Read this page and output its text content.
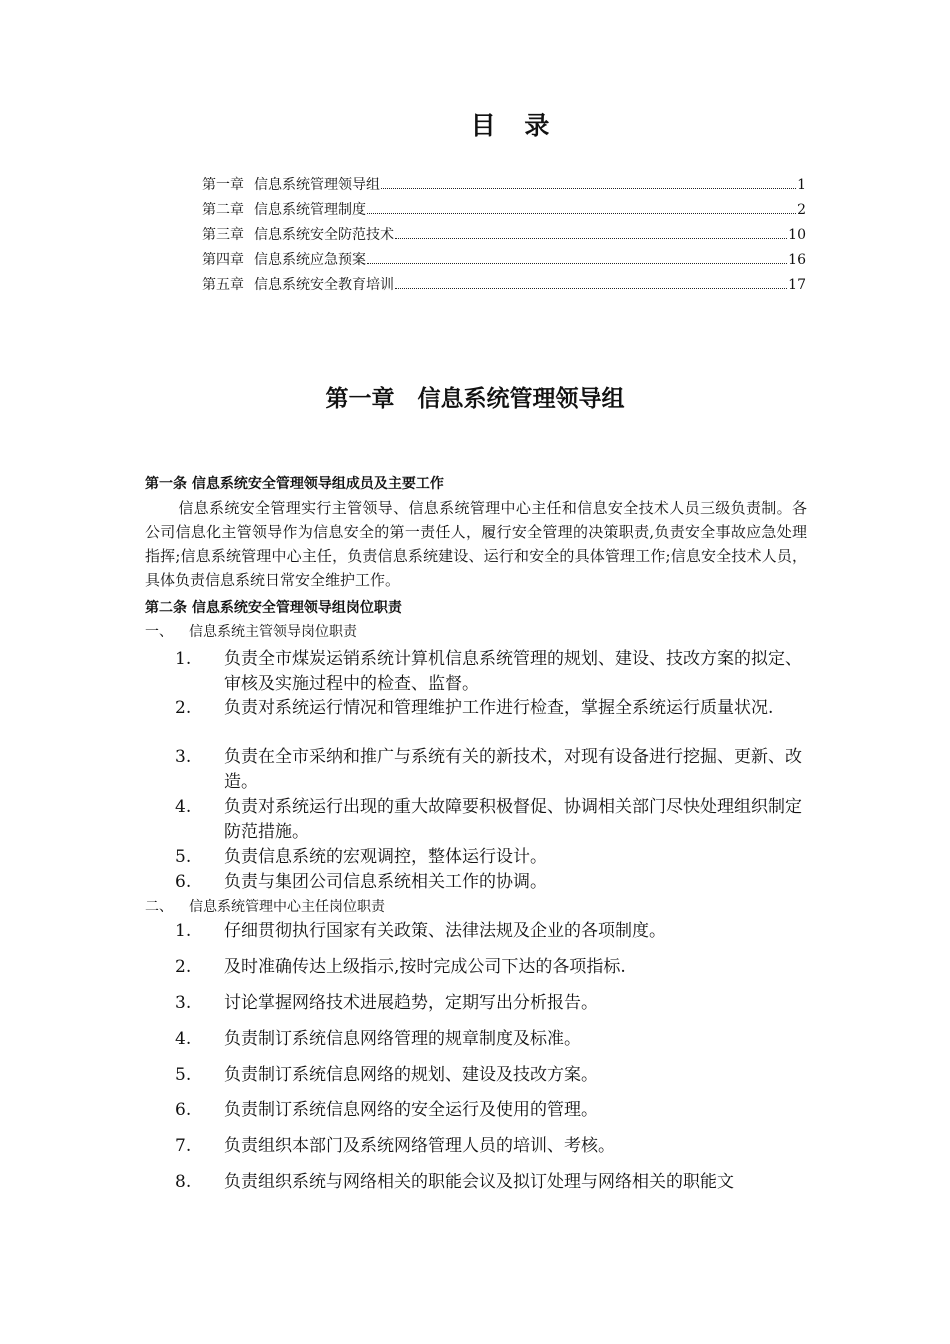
目 录
第一章 信息系统管理领导组	1
第二章 信息系统管理制度	2
第三章 信息系统安全防范技术	10
第四章 信息系统应急预案	16
第五章 信息系统安全教育培训	17
第一章　信息系统管理领导组
第一条 信息系统安全管理领导组成员及主要工作
信息系统安全管理实行主管领导、信息系统管理中心主任和信息安全技术人员三级负责制。各公司信息化主管领导作为信息安全的第一责任人，履行安全管理的决策职责,负责安全事故应急处理指挥;信息系统管理中心主任，负责信息系统建设、运行和安全的具体管理工作;信息安全技术人员，具体负责信息系统日常安全维护工作。
第二条 信息系统安全管理领导组岗位职责
一、 信息系统主管领导岗位职责
1. 负责全市煤炭运销系统计算机信息系统管理的规划、建设、技改方案的拟定、审核及实施过程中的检查、监督。
2. 负责对系统运行情况和管理维护工作进行检查，掌握全系统运行质量状况.
3. 负责在全市采纳和推广与系统有关的新技术，对现有设备进行挖掘、更新、改造。
4. 负责对系统运行出现的重大故障要积极督促、协调相关部门尽快处理组织制定防范措施。
5. 负责信息系统的宏观调控，整体运行设计。
6. 负责与集团公司信息系统相关工作的协调。
二、 信息系统管理中心主任岗位职责
1. 仔细贯彻执行国家有关政策、法律法规及企业的各项制度。
2. 及时准确传达上级指示,按时完成公司下达的各项指标.
3. 讨论掌握网络技术进展趋势，定期写出分析报告。
4. 负责制订系统信息网络管理的规章制度及标准。
5. 负责制订系统信息网络的规划、建设及技改方案。
6. 负责制订系统信息网络的安全运行及使用的管理。
7. 负责组织本部门及系统网络管理人员的培训、考核。
8. 负责组织系统与网络相关的职能会议及拟订处理与网络相关的职能文
